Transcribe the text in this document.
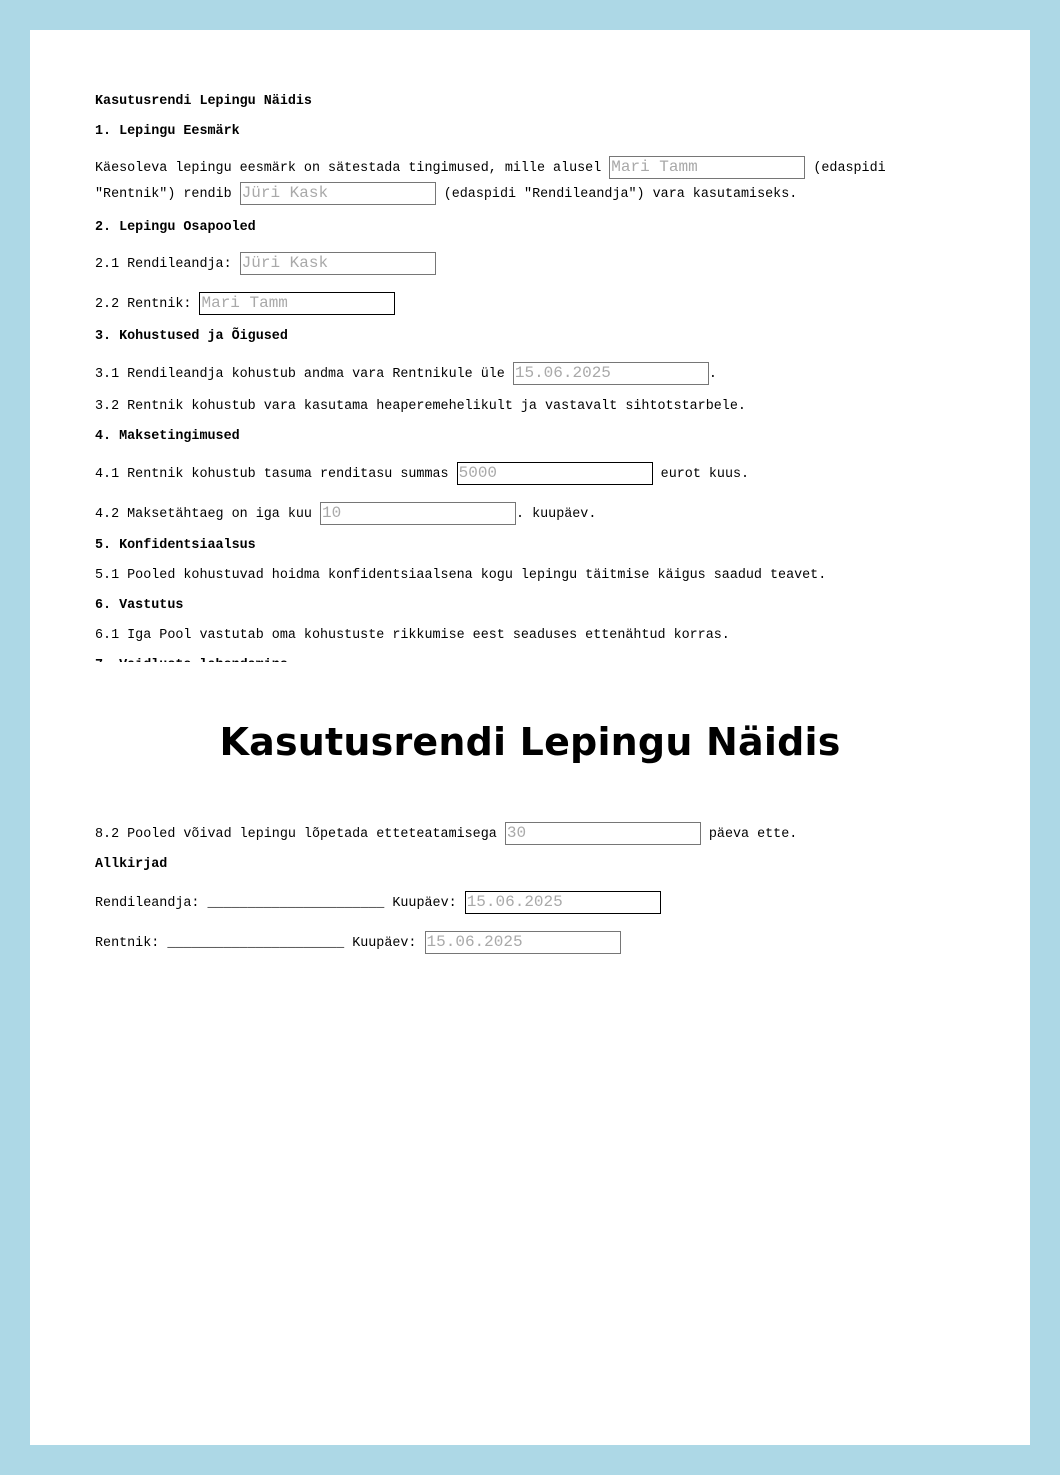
Kasutusrendi Lepingu Näidis
1. Lepingu Eesmärk
Käesoleva lepingu eesmärk on sätestada tingimused, mille alusel Mari Tamm	(edaspidi
"Rentnik") rendib Jüri Kask	(edaspidi "Rendileandja") vara kasutamiseks.
2. Lepingu Osapooled
2.1 Rendileandja: Jüri Kask
2.2 Rentnik: Mari Tamm
3. Kohustused ja Õigused
3.1 Rendileandja kohustub andma vara Rentnikule üle 15.06.2025	.
3.2 Rentnik kohustub vara kasutama heaperemehelikult ja vastavalt sihtotstarbele.
4. Maksetingimused
4.1 Rentnik kohustub tasuma renditasu summas 5000	eurot kuus.
4.2 Maksetähtaeg on iga kuu 10	. kuupäev.
5. Konfidentsiaalsus
5.1 Pooled kohustuvad hoidma konfidentsiaalsena kogu lepingu täitmise käigus saadud teavet.
6. Vastutus
6.1 Iga Pool vastutab oma kohustuste rikkumise eest seaduses ettenähtud korras.
Kasutusrendi Lepingu Näidis
8.2 Pooled võivad lepingu lõpetada etteteatamisega 30	päeva ette.
Allkirjad
Rendileandja: ______________________ Kuupäev: 15.06.2025
Rentnik: ______________________ Kuupäev: 15.06.2025
